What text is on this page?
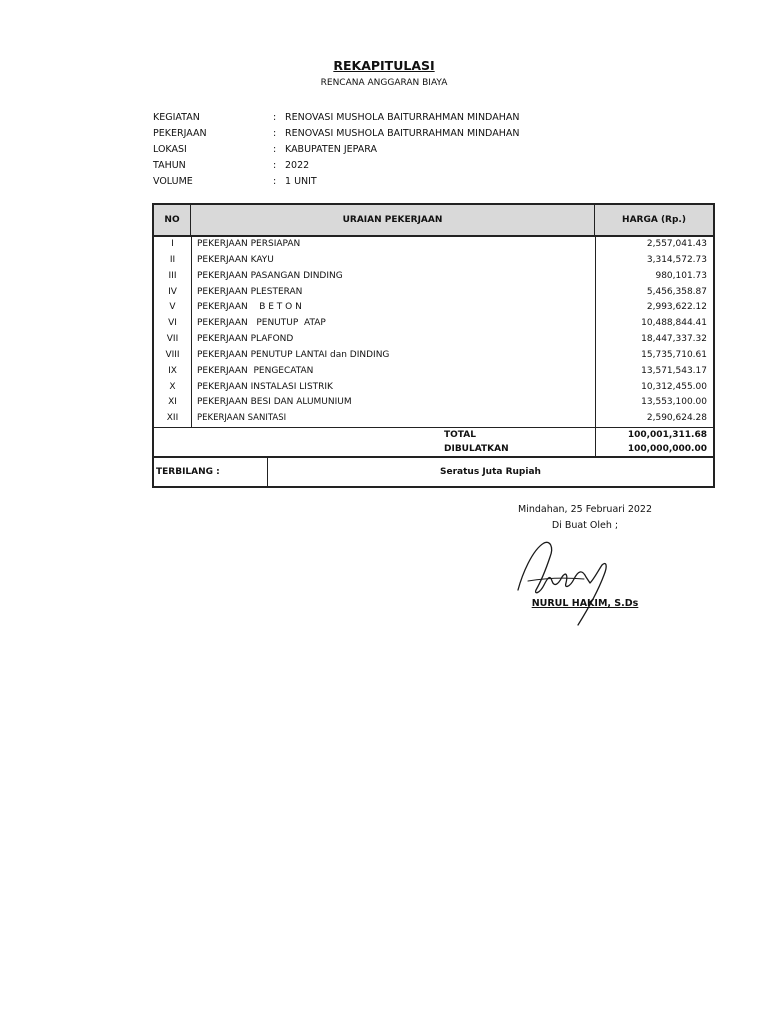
REKAPITULASI
RENCANA ANGGARAN BIAYA
KEGIATAN	: RENOVASI MUSHOLA BAITURRAHMAN MINDAHAN
PEKERJAAN	: RENOVASI MUSHOLA BAITURRAHMAN MINDAHAN
LOKASI	: KABUPATEN JEPARA
TAHUN	: 2022
VOLUME	: 1 UNIT
NO	URAIAN PEKERJAAN	HARGA (Rp.)
I	PEKERJAAN PERSIAPAN	2,557,041.43
II	PEKERJAAN KAYU	3,314,572.73
III	PEKERJAAN PASANGAN DINDING	980,101.73
IV	PEKERJAAN PLESTERAN	5,456,358.87
V	PEKERJAAN    B E T O N	2,993,622.12
VI	PEKERJAAN   PENUTUP  ATAP	10,488,844.41
VII	PEKERJAAN PLAFOND	18,447,337.32
VIII	PEKERJAAN PENUTUP LANTAI dan DINDING	15,735,710.61
IX	PEKERJAAN  PENGECATAN	13,571,543.17
X	PEKERJAAN INSTALASI LISTRIK	10,312,455.00
XI	PEKERJAAN BESI DAN ALUMUNIUM	13,553,100.00
XII	PEKERJAAN SANITASI	2,590,624.28
TOTAL	100,001,311.68
DIBULATKAN	100,000,000.00
TERBILANG :	Seratus Juta Rupiah
Mindahan, 25 Februari 2022
Di Buat Oleh ;
NURUL HAKIM, S.Ds
